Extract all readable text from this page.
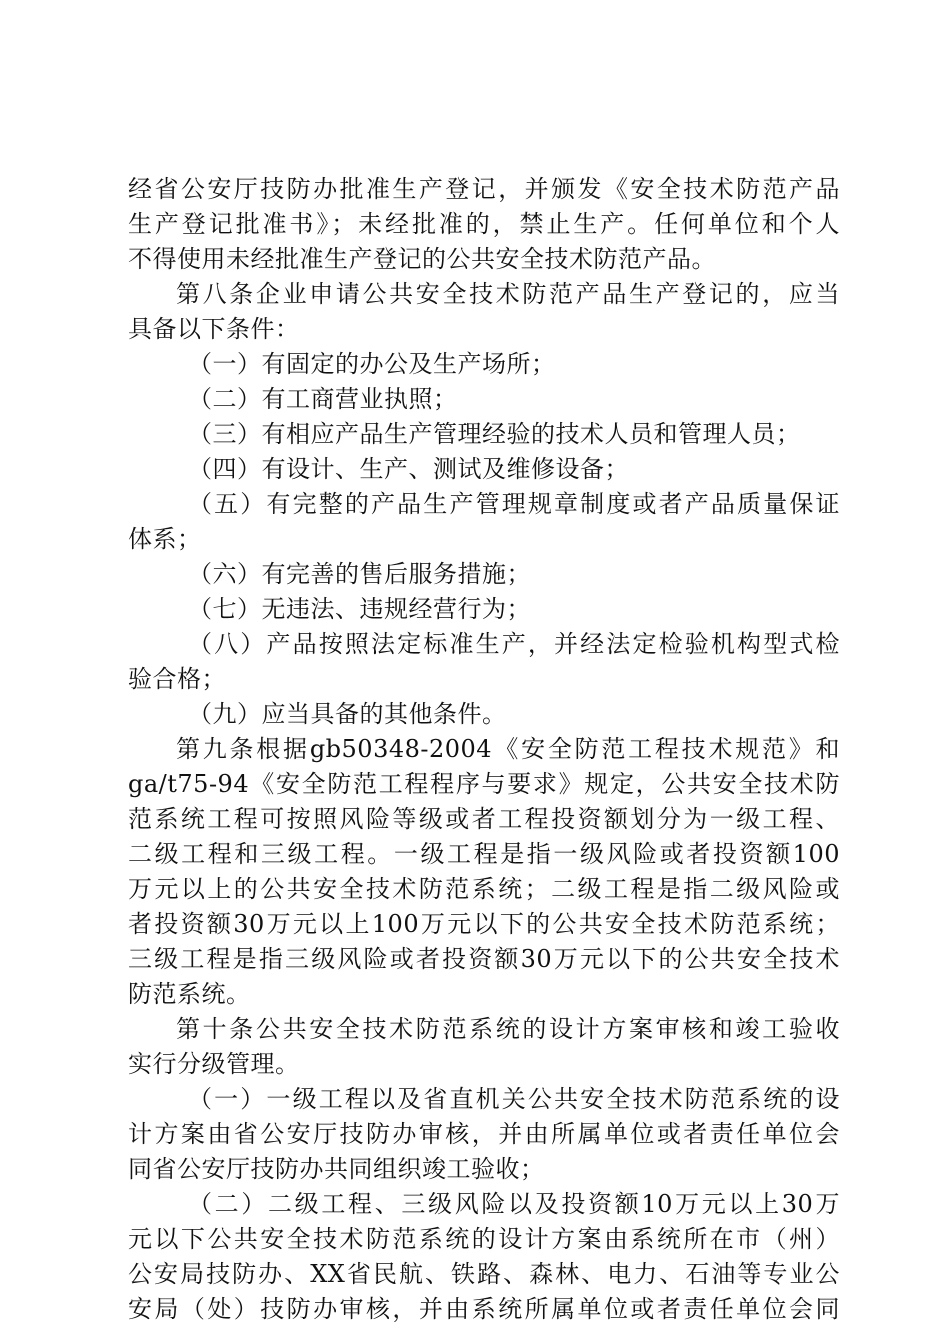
经省公安厅技防办批准生产登记，并颁发《安全技术防范产品
生产登记批准书》；未经批准的，禁止生产。任何单位和个人
不得使用未经批准生产登记的公共安全技术防范产品。
第八条企业申请公共安全技术防范产品生产登记的，应当
具备以下条件：
（一）有固定的办公及生产场所；
（二）有工商营业执照；
（三）有相应产品生产管理经验的技术人员和管理人员；
（四）有设计、生产、测试及维修设备；
（五）有完整的产品生产管理规章制度或者产品质量保证
体系；
（六）有完善的售后服务措施；
（七）无违法、违规经营行为；
（八）产品按照法定标准生产，并经法定检验机构型式检
验合格；
（九）应当具备的其他条件。
第九条根据gb50348-2004《安全防范工程技术规范》和
ga/t75-94《安全防范工程程序与要求》规定，公共安全技术防
范系统工程可按照风险等级或者工程投资额划分为一级工程、
二级工程和三级工程。一级工程是指一级风险或者投资额100
万元以上的公共安全技术防范系统；二级工程是指二级风险或
者投资额30万元以上100万元以下的公共安全技术防范系统；
三级工程是指三级风险或者投资额30万元以下的公共安全技术
防范系统。
第十条公共安全技术防范系统的设计方案审核和竣工验收
实行分级管理。
（一）一级工程以及省直机关公共安全技术防范系统的设
计方案由省公安厅技防办审核，并由所属单位或者责任单位会
同省公安厅技防办共同组织竣工验收；
（二）二级工程、三级风险以及投资额10万元以上30万
元以下公共安全技术防范系统的设计方案由系统所在市（州）
公安局技防办、XX省民航、铁路、森林、电力、石油等专业公
安局（处）技防办审核，并由系统所属单位或者责任单位会同
